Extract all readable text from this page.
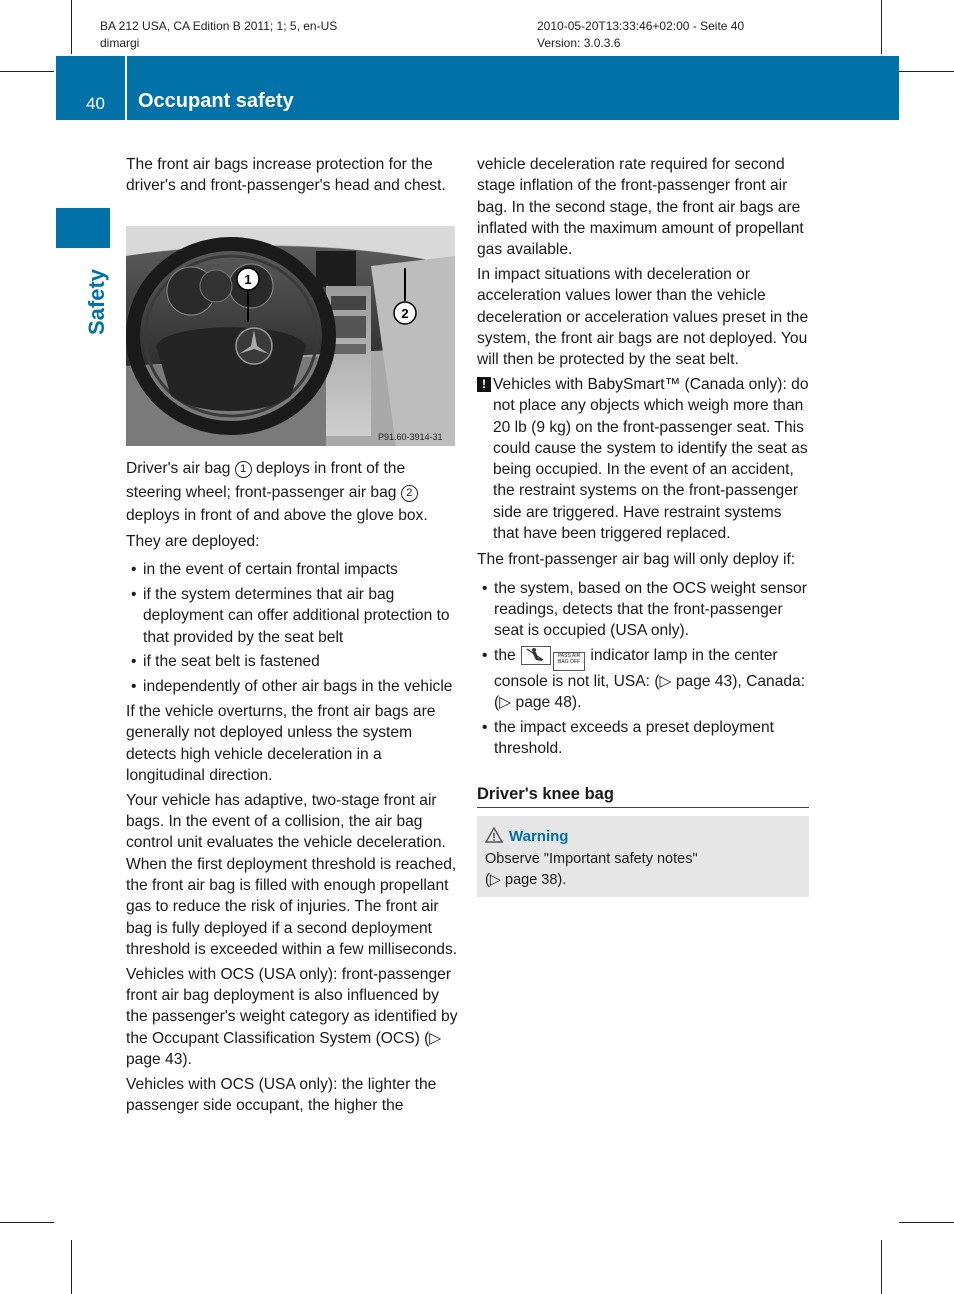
BA 212 USA, CA Edition B 2011; 1; 5, en-US
dimargi
2010-05-20T13:33:46+02:00 - Seite 40
Version: 3.0.3.6
40 Occupant safety
Safety

The front air bags increase protection for the driver's and front-passenger's head and chest.

1
2
P91.60-3914-31

Driver's air bag 1 deploys in front of the steering wheel; front-passenger air bag 2 deploys in front of and above the glove box.

They are deployed:

• in the event of certain frontal impacts
• if the system determines that air bag deployment can offer additional protection to that provided by the seat belt
• if the seat belt is fastened
• independently of other air bags in the vehicle

If the vehicle overturns, the front air bags are generally not deployed unless the system detects high vehicle deceleration in a longitudinal direction.

Your vehicle has adaptive, two-stage front air bags. In the event of a collision, the air bag control unit evaluates the vehicle deceleration. When the first deployment threshold is reached, the front air bag is filled with enough propellant gas to reduce the risk of injuries. The front air bag is fully deployed if a second deployment threshold is exceeded within a few milliseconds.

Vehicles with OCS (USA only): front-passenger front air bag deployment is also influenced by the passenger's weight category as identified by the Occupant Classification System (OCS) (▷ page 43).

Vehicles with OCS (USA only): the lighter the passenger side occupant, the higher the

vehicle deceleration rate required for second stage inflation of the front-passenger front air bag. In the second stage, the front air bags are inflated with the maximum amount of propellant gas available.

In impact situations with deceleration or acceleration values lower than the vehicle deceleration or acceleration values preset in the system, the front air bags are not deployed. You will then be protected by the seat belt.

! Vehicles with BabySmart™ (Canada only): do not place any objects which weigh more than 20 lb (9 kg) on the front-passenger seat. This could cause the system to identify the seat as being occupied. In the event of an accident, the restraint systems on the front-passenger side are triggered. Have restraint systems that have been triggered replaced.

The front-passenger air bag will only deploy if:

• the system, based on the OCS weight sensor readings, detects that the front-passenger seat is occupied (USA only).
• the	PASS AIR BAG OFF indicator lamp in the center console is not lit, USA: (▷ page 43), Canada: (▷ page 48).
• the impact exceeds a preset deployment threshold.
Driver's knee bag
Warning
Observe "Important safety notes"
(▷ page 38).
